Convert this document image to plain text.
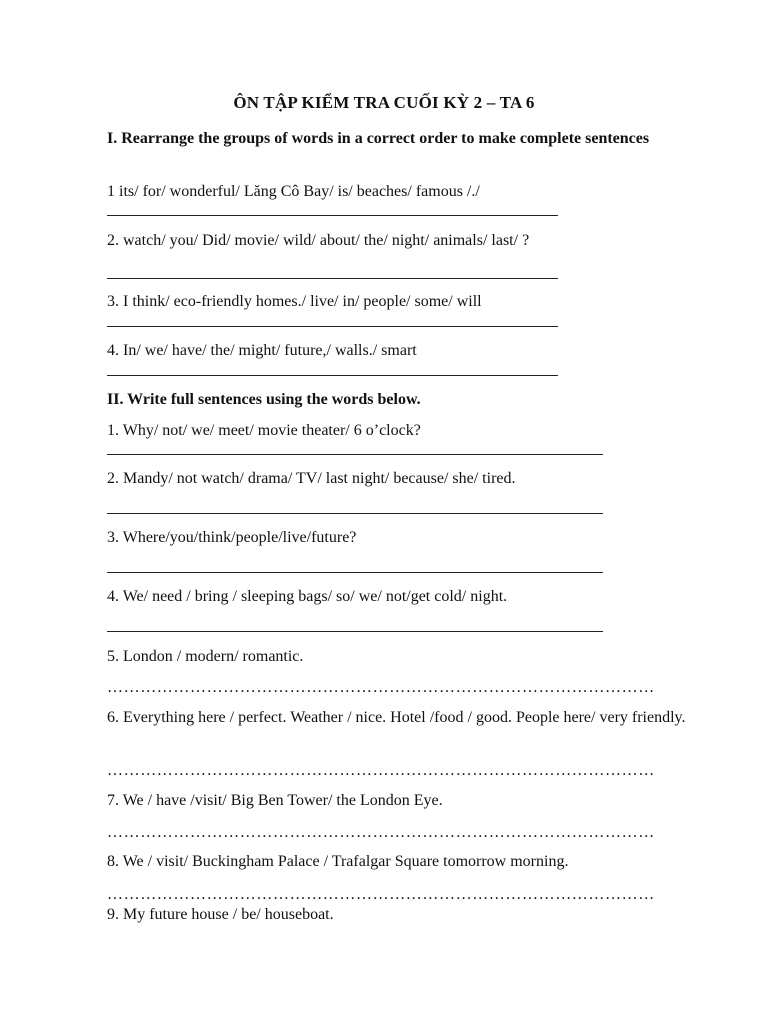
ÔN TẬP KIỂM TRA CUỐI KỲ 2 – TA 6
I. Rearrange the groups of words in a correct order to make complete sentences
1 its/ for/ wonderful/ Lăng Cô Bay/ is/ beaches/ famous /./
2. watch/ you/ Did/ movie/ wild/ about/ the/ night/ animals/ last/ ?
3. I think/ eco-friendly homes./ live/ in/ people/ some/ will
4. In/ we/ have/ the/ might/ future,/ walls./ smart
II. Write full sentences using the words below.
1. Why/ not/ we/ meet/ movie theater/ 6 o’clock?
2. Mandy/ not watch/ drama/ TV/ last night/ because/ she/ tired.
3. Where/you/think/people/live/future?
4. We/ need / bring / sleeping bags/ so/ we/ not/get cold/ night.
5. London / modern/ romantic.
………………………………………………………………………………………
6. Everything here / perfect. Weather / nice. Hotel /food / good. People here/ very friendly.
………………………………………………………………………………………
7. We / have /visit/ Big Ben Tower/ the London Eye.
………………………………………………………………………………………
8. We / visit/ Buckingham Palace / Trafalgar Square tomorrow morning.
………………………………………………………………………………………
9. My future house / be/ houseboat.
